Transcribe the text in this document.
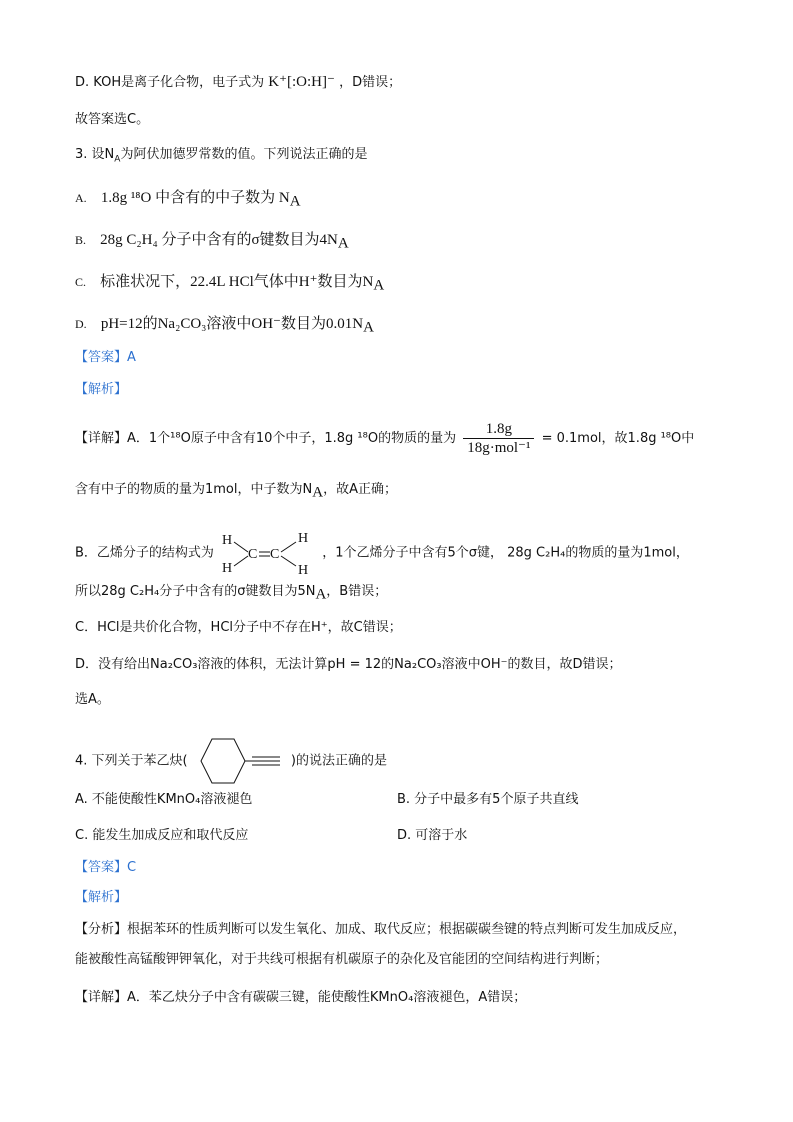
D. KOH是离子化合物，电子式为 K⁺[:O:H]⁻ ，D错误；
故答案选C。
3. 设$N_A$为阿伏加德罗常数的值。下列说法正确的是
A. 1.8g ¹⁸O 中含有的中子数为 $N_A$
B. 28g C₂H₄ 分子中含有的σ键数目为$4N_A$
C. 标准状况下，22.4L HCl气体中H⁺数目为$N_A$
D. pH=12的Na₂CO₃溶液中OH⁻数目为$0.01N_A$
【答案】A
【解析】
【详解】A．1个¹⁸O原子中含有10个中子，1.8g ¹⁸O的物质的量为 $\frac{1.8g}{\text{18g·mol⁻¹}} = 0.1mol$，故1.8g ¹⁸O中
含有中子的物质的量为1mol，中子数为$N_A$，故A正确；
B．乙烯分子的结构式为
H
H
C C
H
H
，1个乙烯分子中含有5个σ键， 28g C₂H₄的物质的量为1mol，
所以28g C₂H₄分子中含有的σ键数目为$5N_A$，B错误；
C．HCl是共价化合物，HCl分子中不存在H⁺，故C错误；
D．没有给出Na₂CO₃溶液的体积，无法计算pH = 12的Na₂CO₃溶液中OH⁻的数目，故D错误；
选A。
4. 下列关于苯乙炔(	)的说法正确的是
A. 不能使酸性KMnO₄溶液褪色	B. 分子中最多有5个原子共直线
C. 能发生加成反应和取代反应	D. 可溶于水
【答案】C
【解析】
【分析】根据苯环的性质判断可以发生氧化、加成、取代反应；根据碳碳叁键的特点判断可发生加成反应，
能被酸性高锰酸钾钾氧化，对于共线可根据有机碳原子的杂化及官能团的空间结构进行判断；
【详解】A．苯乙炔分子中含有碳碳三键，能使酸性KMnO₄溶液褪色，A错误；
